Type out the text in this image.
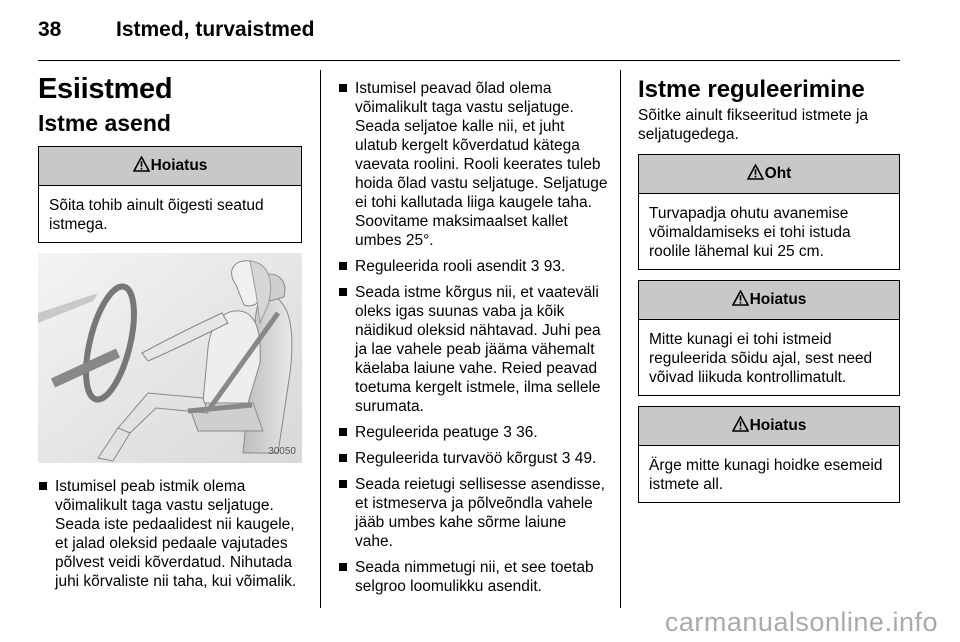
38	Istmed, turvaistmed
Esiistmed
Istme asend
Hoiatus
Sõita tohib ainult õigesti seatud istmega.
30050
Istumisel peab istmik olema võimalikult taga vastu seljatuge. Seada iste pedaalidest nii kaugele, et jalad oleksid pedaale vajutades põlvest veidi kõverdatud. Nihutada juhi kõrvaliste nii taha, kui võimalik.
Istumisel peavad õlad olema võimalikult taga vastu seljatuge. Seada seljatoe kalle nii, et juht ulatub kergelt kõverdatud kätega vaevata roolini. Rooli keerates tuleb hoida õlad vastu seljatuge. Seljatuge ei tohi kallutada liiga kaugele taha. Soovitame maksimaalset kallet umbes 25°.
Reguleerida rooli asendit 3 93.
Seada istme kõrgus nii, et vaateväli oleks igas suunas vaba ja kõik näidikud oleksid nähtavad. Juhi pea ja lae vahele peab jääma vähemalt käelaba laiune vahe. Reied peavad toetuma kergelt istmele, ilma sellele surumata.
Reguleerida peatuge 3 36.
Reguleerida turvavöö kõrgust 3 49.
Seada reietugi sellisesse asendisse, et istmeserva ja põlveõndla vahele jääb umbes kahe sõrme laiune vahe.
Seada nimmetugi nii, et see toetab selgroo loomulikku asendit.
Istme reguleerimine

Sõitke ainult fikseeritud istmete ja seljatugedega.

Oht
Turvapadja ohutu avanemise võimaldamiseks ei tohi istuda roolile lähemal kui 25 cm.
Hoiatus
Mitte kunagi ei tohi istmeid reguleerida sõidu ajal, sest need võivad liikuda kontrollimatult.
Hoiatus
Ärge mitte kunagi hoidke esemeid istmete all.
carmanualsonline.info
